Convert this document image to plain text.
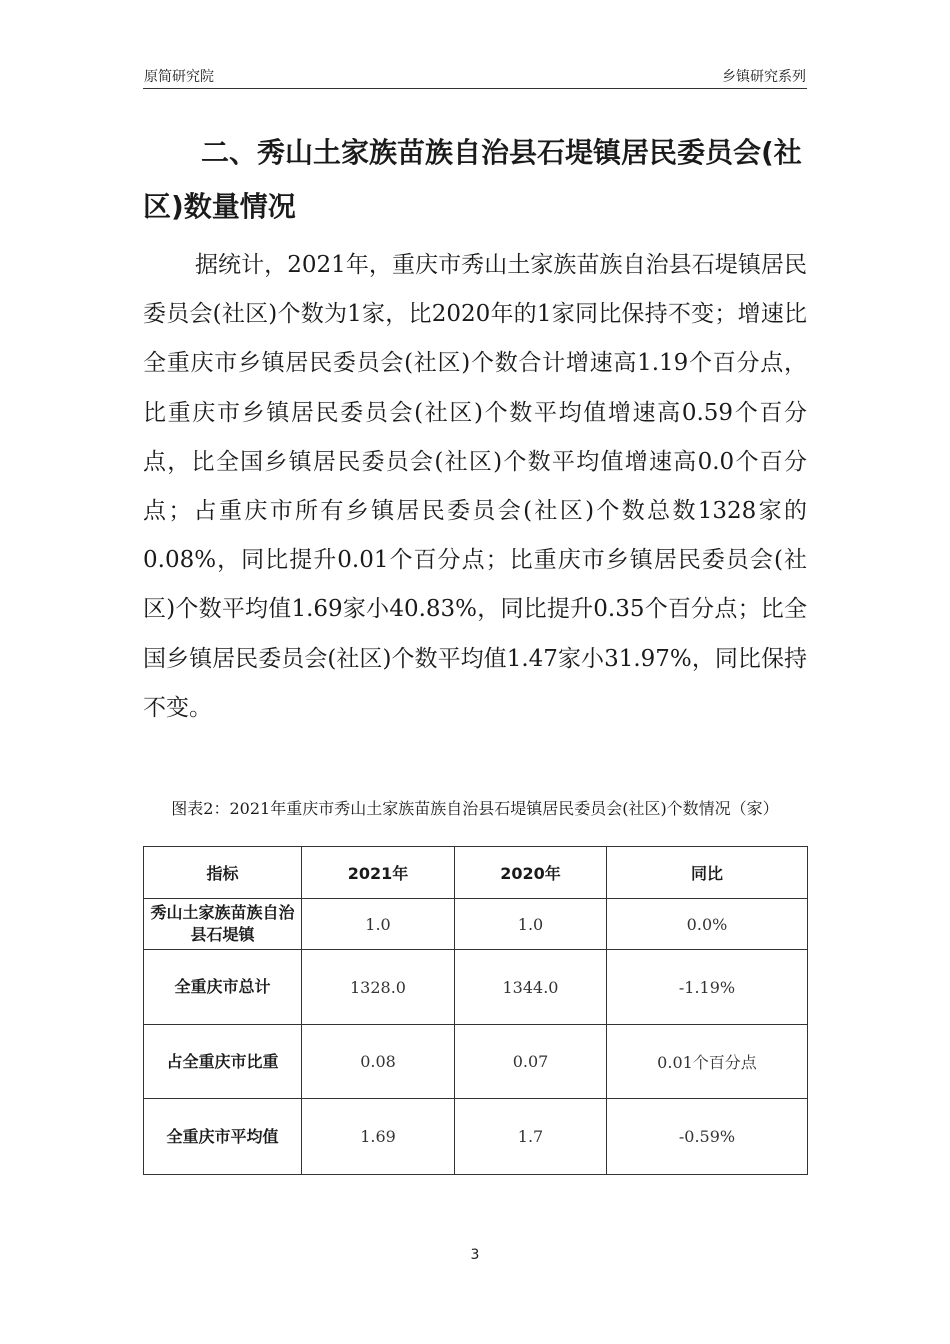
原简研究院	乡镇研究系列
二、秀山土家族苗族自治县石堤镇居民委员会(社区)数量情况

据统计，2021年，重庆市秀山土家族苗族自治县石堤镇居民委员会(社区)个数为1家，比2020年的1家同比保持不变；增速比全重庆市乡镇居民委员会(社区)个数合计增速高1.19个百分点，比重庆市乡镇居民委员会(社区)个数平均值增速高0.59个百分点，比全国乡镇居民委员会(社区)个数平均值增速高0.0个百分点；占重庆市所有乡镇居民委员会(社区)个数总数1328家的0.08%，同比提升0.01个百分点；比重庆市乡镇居民委员会(社区)个数平均值1.69家小40.83%，同比提升0.35个百分点；比全国乡镇居民委员会(社区)个数平均值1.47家小31.97%，同比保持不变。

图表2：2021年重庆市秀山土家族苗族自治县石堤镇居民委员会(社区)个数情况（家）

指标	2021年	2020年	同比
秀山土家族苗族自治县石堤镇	1.0	1.0	0.0%
全重庆市总计	1328.0	1344.0	-1.19%
占全重庆市比重	0.08	0.07	0.01个百分点
全重庆市平均值	1.69	1.7	-0.59%
3
